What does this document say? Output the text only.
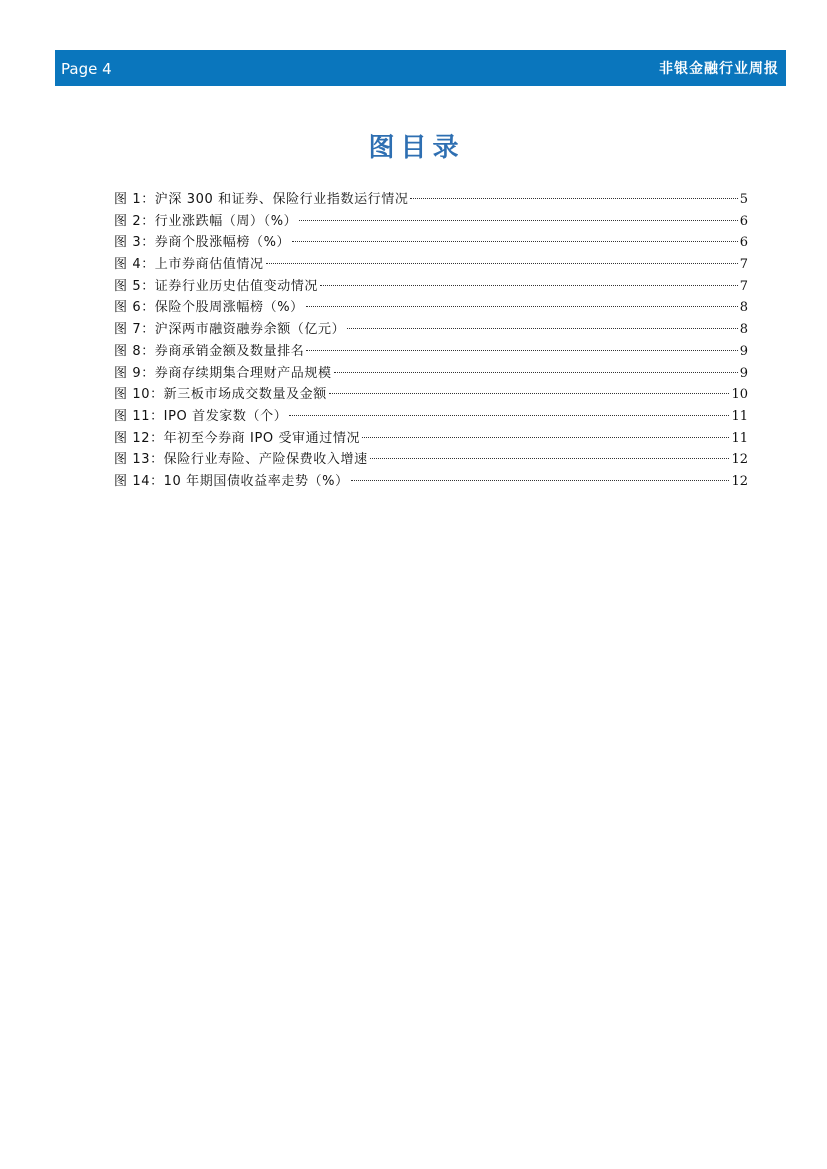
Page 4	非银金融行业周报
图目录
图 1：沪深 300 和证券、保险行业指数运行情况	5
图 2：行业涨跌幅（周）（%）	6
图 3：券商个股涨幅榜（%）	6
图 4：上市券商估值情况	7
图 5：证券行业历史估值变动情况	7
图 6：保险个股周涨幅榜（%）	8
图 7：沪深两市融资融券余额（亿元）	8
图 8：券商承销金额及数量排名	9
图 9：券商存续期集合理财产品规模	9
图 10：新三板市场成交数量及金额	10
图 11：IPO 首发家数（个）	11
图 12：年初至今券商 IPO 受审通过情况	11
图 13：保险行业寿险、产险保费收入增速	12
图 14：10 年期国债收益率走势（%）	12
